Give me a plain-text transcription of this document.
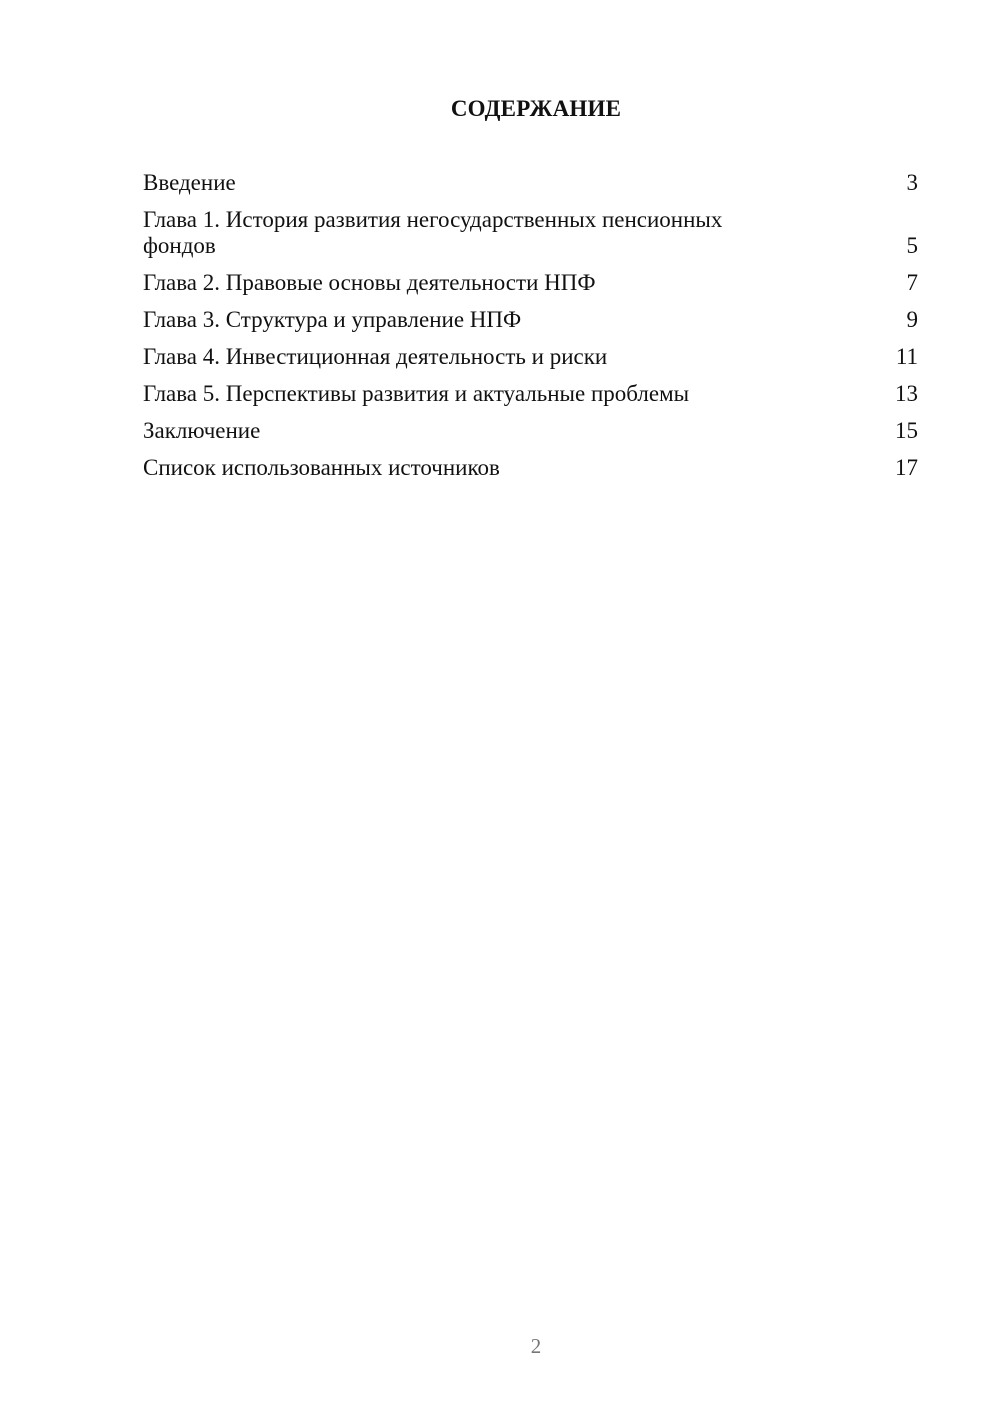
СОДЕРЖАНИЕ
Введение	3
Глава 1. История развития негосударственных пенсионных фондов	5
Глава 2. Правовые основы деятельности НПФ	7
Глава 3. Структура и управление НПФ	9
Глава 4. Инвестиционная деятельность и риски	11
Глава 5. Перспективы развития и актуальные проблемы	13
Заключение	15
Список использованных источников	17
2
